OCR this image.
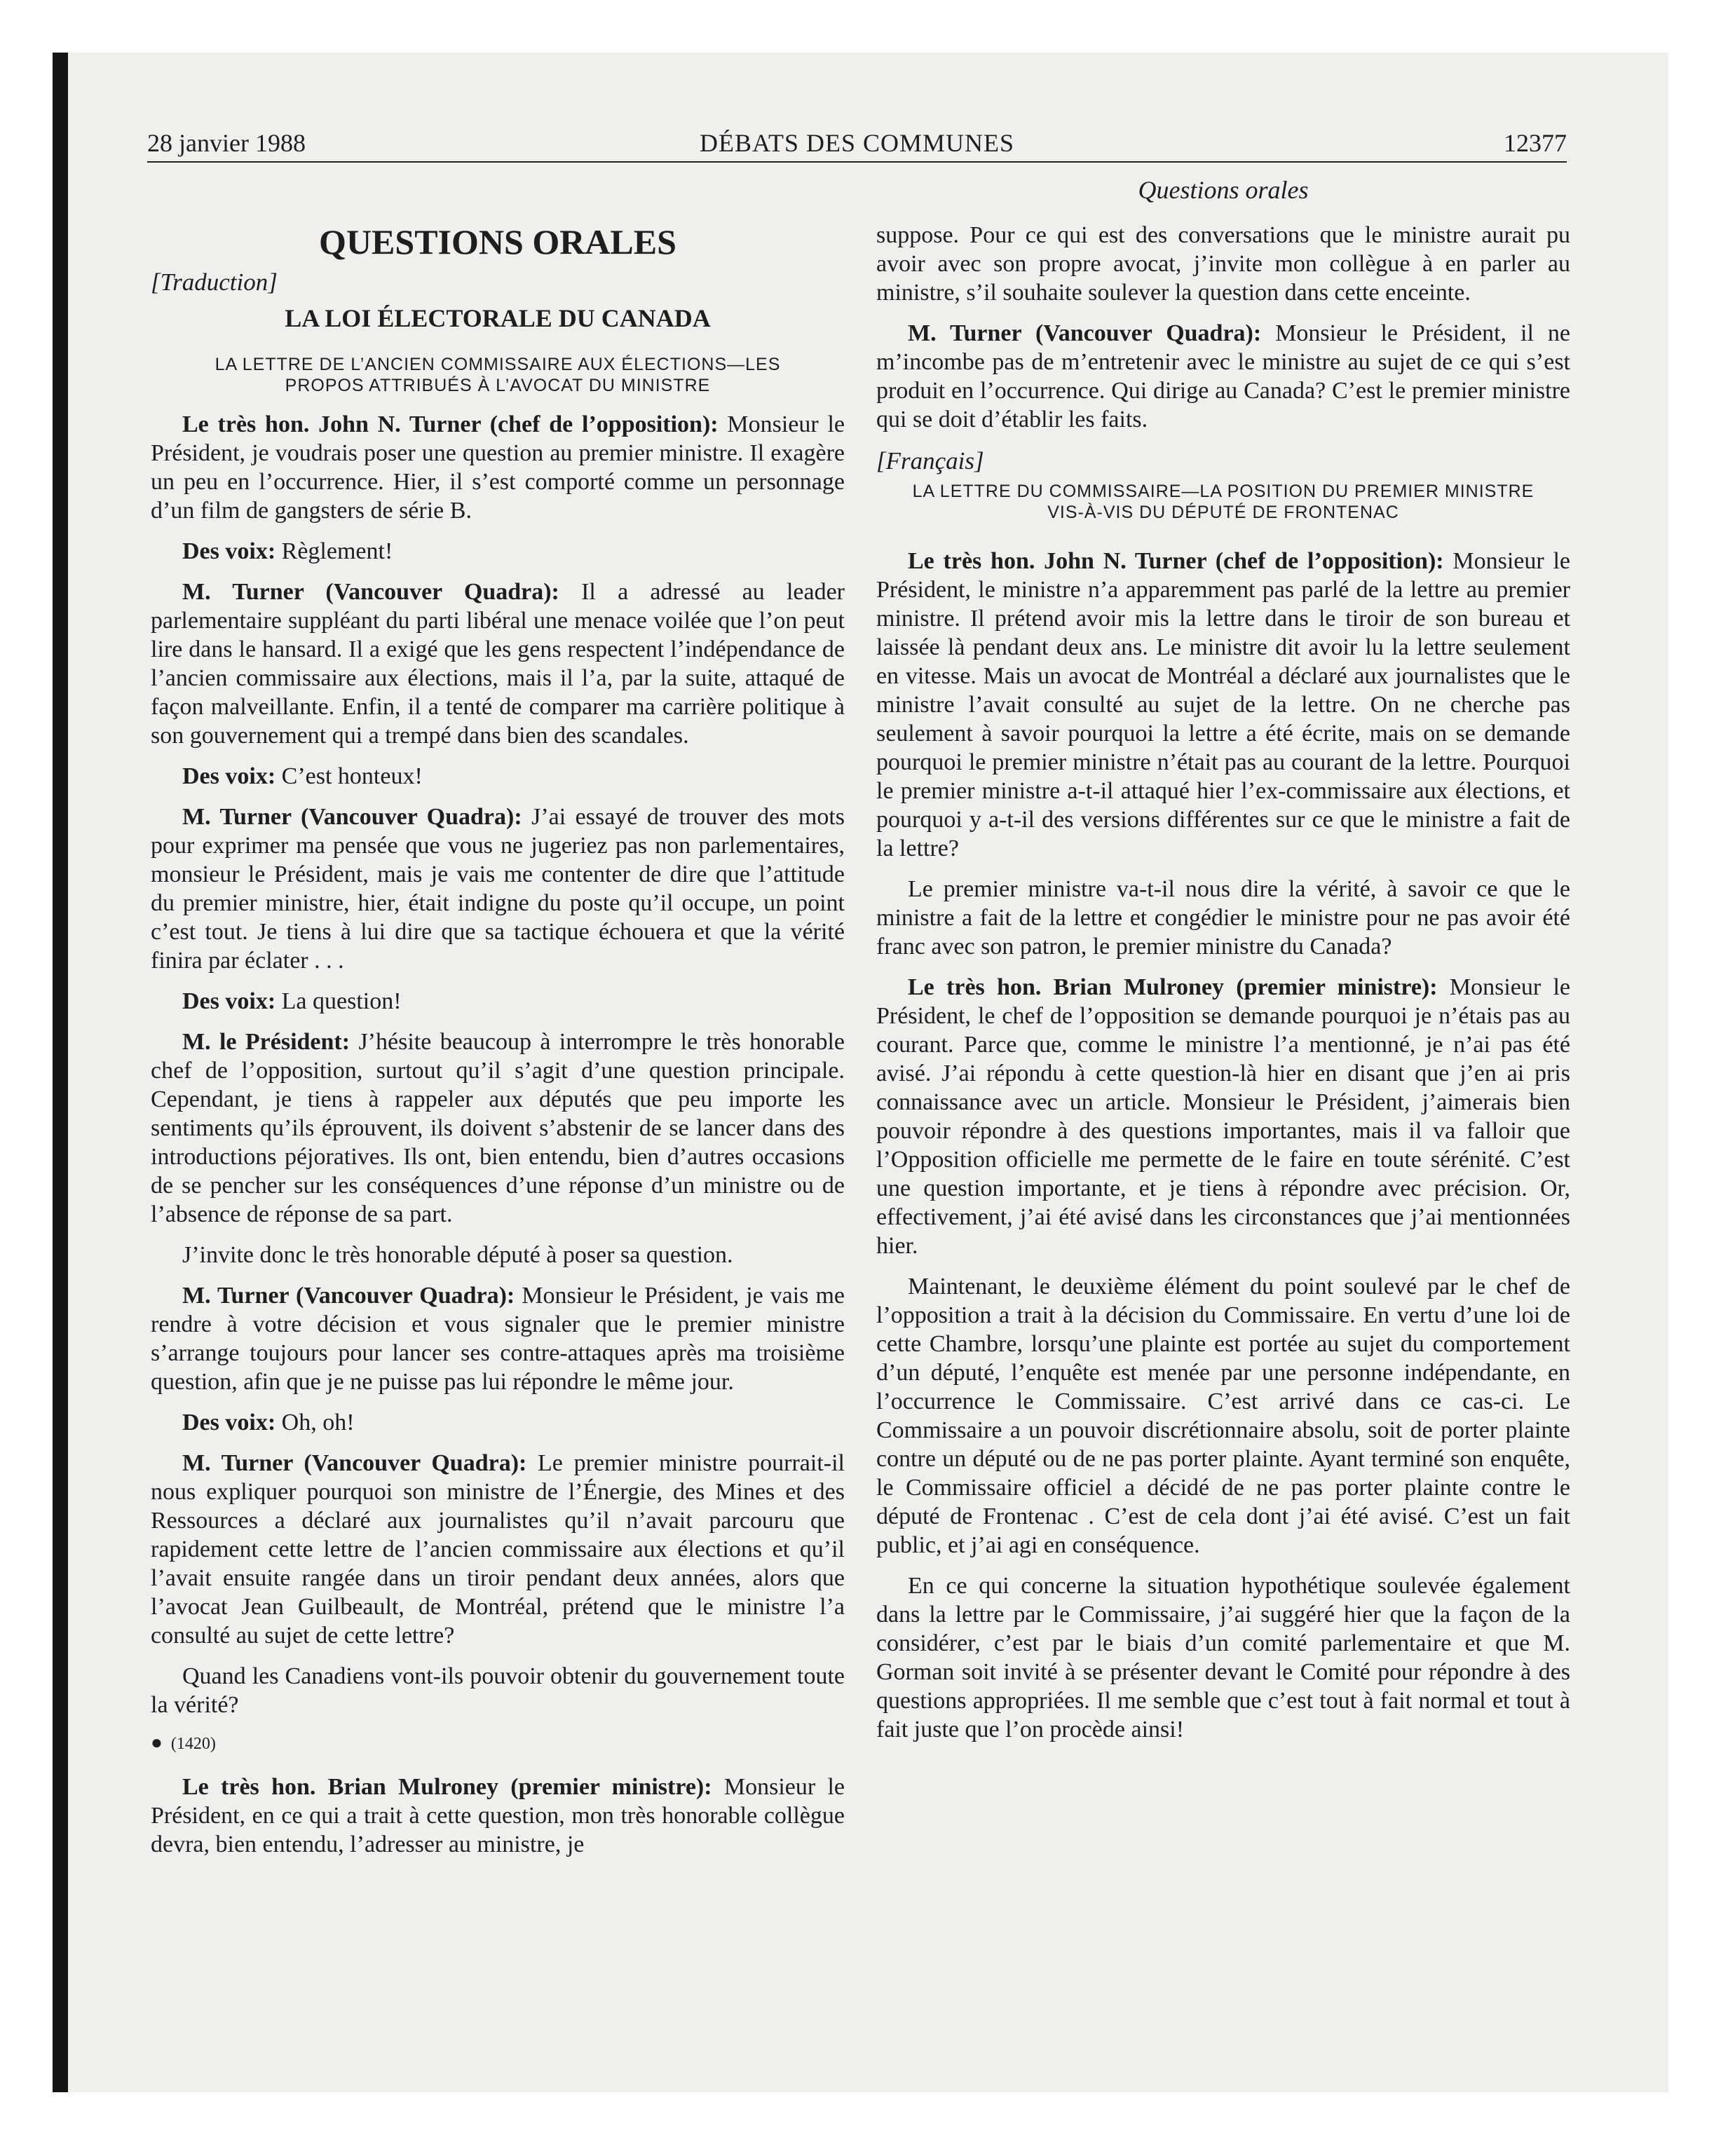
28 janvier 1988	DÉBATS DES COMMUNES	12377
Questions orales
QUESTIONS ORALES
[Traduction]
LA LOI ÉLECTORALE DU CANADA
LA LETTRE DE L’ANCIEN COMMISSAIRE AUX ÉLECTIONS—LES PROPOS ATTRIBUÉS À L’AVOCAT DU MINISTRE

Le très hon. John N. Turner (chef de l’opposition): Monsieur le Président, je voudrais poser une question au premier ministre. Il exagère un peu en l’occurrence. Hier, il s’est comporté comme un personnage d’un film de gangsters de série B.

Des voix: Règlement!

M. Turner (Vancouver Quadra): Il a adressé au leader parlementaire suppléant du parti libéral une menace voilée que l’on peut lire dans le hansard. Il a exigé que les gens respectent l’indépendance de l’ancien commissaire aux élections, mais il l’a, par la suite, attaqué de façon malveillante. Enfin, il a tenté de comparer ma carrière politique à son gouvernement qui a trempé dans bien des scandales.

Des voix: C’est honteux!

M. Turner (Vancouver Quadra): J’ai essayé de trouver des mots pour exprimer ma pensée que vous ne jugeriez pas non parlementaires, monsieur le Président, mais je vais me contenter de dire que l’attitude du premier ministre, hier, était indigne du poste qu’il occupe, un point c’est tout. Je tiens à lui dire que sa tactique échouera et que la vérité finira par éclater . . .

Des voix: La question!

M. le Président: J’hésite beaucoup à interrompre le très honorable chef de l’opposition, surtout qu’il s’agit d’une question principale. Cependant, je tiens à rappeler aux députés que peu importe les sentiments qu’ils éprouvent, ils doivent s’abstenir de se lancer dans des introductions péjoratives. Ils ont, bien entendu, bien d’autres occasions de se pencher sur les conséquences d’une réponse d’un ministre ou de l’absence de réponse de sa part.

J’invite donc le très honorable député à poser sa question.

M. Turner (Vancouver Quadra): Monsieur le Président, je vais me rendre à votre décision et vous signaler que le premier ministre s’arrange toujours pour lancer ses contre-attaques après ma troisième question, afin que je ne puisse pas lui répondre le même jour.

Des voix: Oh, oh!

M. Turner (Vancouver Quadra): Le premier ministre pourrait-il nous expliquer pourquoi son ministre de l’Énergie, des Mines et des Ressources a déclaré aux journalistes qu’il n’avait parcouru que rapidement cette lettre de l’ancien commissaire aux élections et qu’il l’avait ensuite rangée dans un tiroir pendant deux années, alors que l’avocat Jean Guilbeault, de Montréal, prétend que le ministre l’a consulté au sujet de cette lettre?

Quand les Canadiens vont-ils pouvoir obtenir du gouvernement toute la vérité?

● (1420)

Le très hon. Brian Mulroney (premier ministre): Monsieur le Président, en ce qui a trait à cette question, mon très honorable collègue devra, bien entendu, l’adresser au ministre, je

suppose. Pour ce qui est des conversations que le ministre aurait pu avoir avec son propre avocat, j’invite mon collègue à en parler au ministre, s’il souhaite soulever la question dans cette enceinte.

M. Turner (Vancouver Quadra): Monsieur le Président, il ne m’incombe pas de m’entretenir avec le ministre au sujet de ce qui s’est produit en l’occurrence. Qui dirige au Canada? C’est le premier ministre qui se doit d’établir les faits.

[Français]
LA LETTRE DU COMMISSAIRE—LA POSITION DU PREMIER MINISTRE VIS-À-VIS DU DÉPUTÉ DE FRONTENAC

Le très hon. John N. Turner (chef de l’opposition): Monsieur le Président, le ministre n’a apparemment pas parlé de la lettre au premier ministre. Il prétend avoir mis la lettre dans le tiroir de son bureau et laissée là pendant deux ans. Le ministre dit avoir lu la lettre seulement en vitesse. Mais un avocat de Montréal a déclaré aux journalistes que le ministre l’avait consulté au sujet de la lettre. On ne cherche pas seulement à savoir pourquoi la lettre a été écrite, mais on se demande pourquoi le premier ministre n’était pas au courant de la lettre. Pourquoi le premier ministre a-t-il attaqué hier l’ex-commissaire aux élections, et pourquoi y a-t-il des versions différentes sur ce que le ministre a fait de la lettre?

Le premier ministre va-t-il nous dire la vérité, à savoir ce que le ministre a fait de la lettre et congédier le ministre pour ne pas avoir été franc avec son patron, le premier ministre du Canada?

Le très hon. Brian Mulroney (premier ministre): Monsieur le Président, le chef de l’opposition se demande pourquoi je n’étais pas au courant. Parce que, comme le ministre l’a mentionné, je n’ai pas été avisé. J’ai répondu à cette question-là hier en disant que j’en ai pris connaissance avec un article. Monsieur le Président, j’aimerais bien pouvoir répondre à des questions importantes, mais il va falloir que l’Opposition officielle me permette de le faire en toute sérénité. C’est une question importante, et je tiens à répondre avec précision. Or, effectivement, j’ai été avisé dans les circonstances que j’ai mentionnées hier.

Maintenant, le deuxième élément du point soulevé par le chef de l’opposition a trait à la décision du Commissaire. En vertu d’une loi de cette Chambre, lorsqu’une plainte est portée au sujet du comportement d’un député, l’enquête est menée par une personne indépendante, en l’occurrence le Commissaire. C’est arrivé dans ce cas-ci. Le Commissaire a un pouvoir discrétionnaire absolu, soit de porter plainte contre un député ou de ne pas porter plainte. Ayant terminé son enquête, le Commissaire officiel a décidé de ne pas porter plainte contre le député de Frontenac . C’est de cela dont j’ai été avisé. C’est un fait public, et j’ai agi en conséquence.

En ce qui concerne la situation hypothétique soulevée également dans la lettre par le Commissaire, j’ai suggéré hier que la façon de la considérer, c’est par le biais d’un comité parlementaire et que M. Gorman soit invité à se présenter devant le Comité pour répondre à des questions appropriées. Il me semble que c’est tout à fait normal et tout à fait juste que l’on procède ainsi!
